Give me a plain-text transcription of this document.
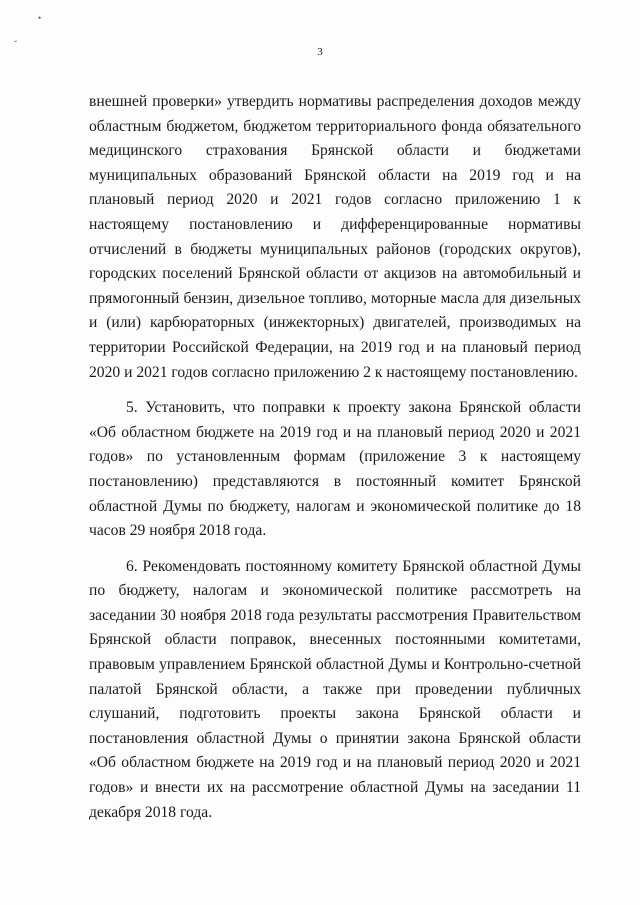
•
ˇ
3

внешней проверки» утвердить нормативы распределения доходов между областным бюджетом, бюджетом территориального фонда обязательного медицинского страхования Брянской области и бюджетами муниципальных образований Брянской области на 2019 год и на плановый период 2020 и 2021 годов согласно приложению 1 к настоящему постановлению и дифференцированные нормативы отчислений в бюджеты муниципальных районов (городских округов), городских поселений Брянской области от акцизов на автомобильный и прямогонный бензин, дизельное топливо, моторные масла для дизельных и (или) карбюраторных (инжекторных) двигателей, производимых на территории Российской Федерации, на 2019 год и на плановый период 2020 и 2021 годов согласно приложению 2 к настоящему постановлению.

5. Установить, что поправки к проекту закона Брянской области «Об областном бюджете на 2019 год и на плановый период 2020 и 2021 годов» по установленным формам (приложение 3 к настоящему постановлению) представляются в постоянный комитет Брянской областной Думы по бюджету, налогам и экономической политике до 18 часов 29 ноября 2018 года.

6. Рекомендовать постоянному комитету Брянской областной Думы по бюджету, налогам и экономической политике рассмотреть на заседании 30 ноября 2018 года результаты рассмотрения Правительством Брянской области поправок, внесенных постоянными комитетами, правовым управлением Брянской областной Думы и Контрольно-счетной палатой Брянской области, а также при проведении публичных слушаний, подготовить проекты закона Брянской области и постановления областной Думы о принятии закона Брянской области «Об областном бюджете на 2019 год и на плановый период 2020 и 2021 годов» и внести их на рассмотрение областной Думы на заседании 11 декабря 2018 года.
